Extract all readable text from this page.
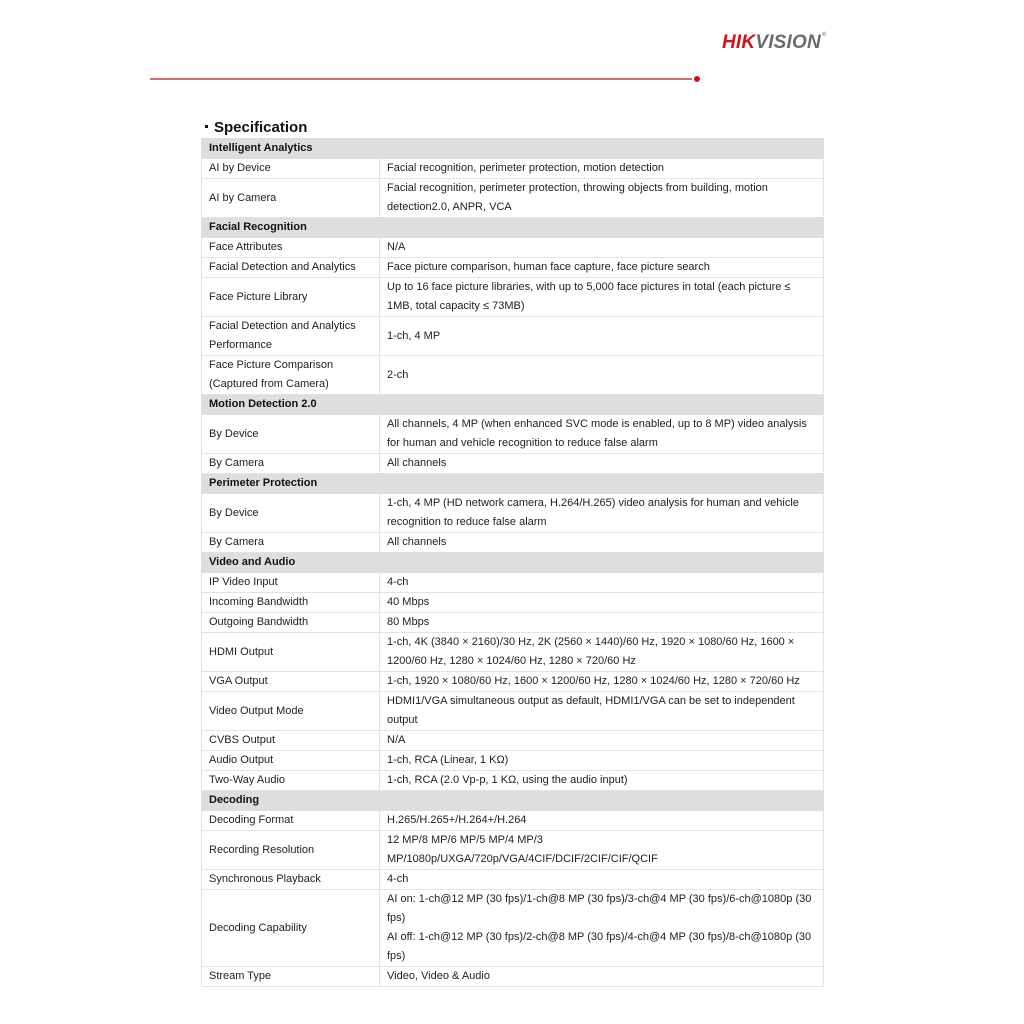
HIKVISION®
Specification
Intelligent Analytics	
AI by Device	Facial recognition, perimeter protection, motion detection

AI by Camera	Facial recognition, perimeter protection, throwing objects from building, motion detection2.0, ANPR, VCA

Facial Recognition	
Face Attributes	N/A

Facial Detection and Analytics	Face picture comparison, human face capture, face picture search

Face Picture Library	Up to 16 face picture libraries, with up to 5,000 face pictures in total (each picture ≤ 1MB, total capacity ≤ 73MB)

Facial Detection and Analytics Performance	1-ch, 4 MP

Face Picture Comparison (Captured from Camera)	2-ch

Motion Detection 2.0	
By Device	All channels, 4 MP (when enhanced SVC mode is enabled, up to 8 MP) video analysis for human and vehicle recognition to reduce false alarm

By Camera	All channels

Perimeter Protection	
By Device	1-ch, 4 MP (HD network camera, H.264/H.265) video analysis for human and vehicle recognition to reduce false alarm

By Camera	All channels

Video and Audio	
IP Video Input	4-ch

Incoming Bandwidth	40 Mbps

Outgoing Bandwidth	80 Mbps

HDMI Output	1-ch, 4K (3840 × 2160)/30 Hz, 2K (2560 × 1440)/60 Hz, 1920 × 1080/60 Hz, 1600 × 1200/60 Hz, 1280 × 1024/60 Hz, 1280 × 720/60 Hz

VGA Output	1-ch, 1920 × 1080/60 Hz, 1600 × 1200/60 Hz, 1280 × 1024/60 Hz, 1280 × 720/60 Hz

Video Output Mode	HDMI1/VGA simultaneous output as default, HDMI1/VGA can be set to independent output

CVBS Output	N/A

Audio Output	1-ch, RCA (Linear, 1 KΩ)

Two-Way Audio	1-ch, RCA (2.0 Vp-p, 1 KΩ, using the audio input)

Decoding	
Decoding Format	H.265/H.265+/H.264+/H.264

Recording Resolution	12 MP/8 MP/6 MP/5 MP/4 MP/3 MP/1080p/UXGA/720p/VGA/4CIF/DCIF/2CIF/CIF/QCIF

Synchronous Playback	4-ch

Decoding Capability	AI on: 1-ch@12 MP (30 fps)/1-ch@8 MP (30 fps)/3-ch@4 MP (30 fps)/6-ch@1080p (30 fps)
AI off: 1-ch@12 MP (30 fps)/2-ch@8 MP (30 fps)/4-ch@4 MP (30 fps)/8-ch@1080p (30 fps)

Stream Type	Video, Video & Audio
